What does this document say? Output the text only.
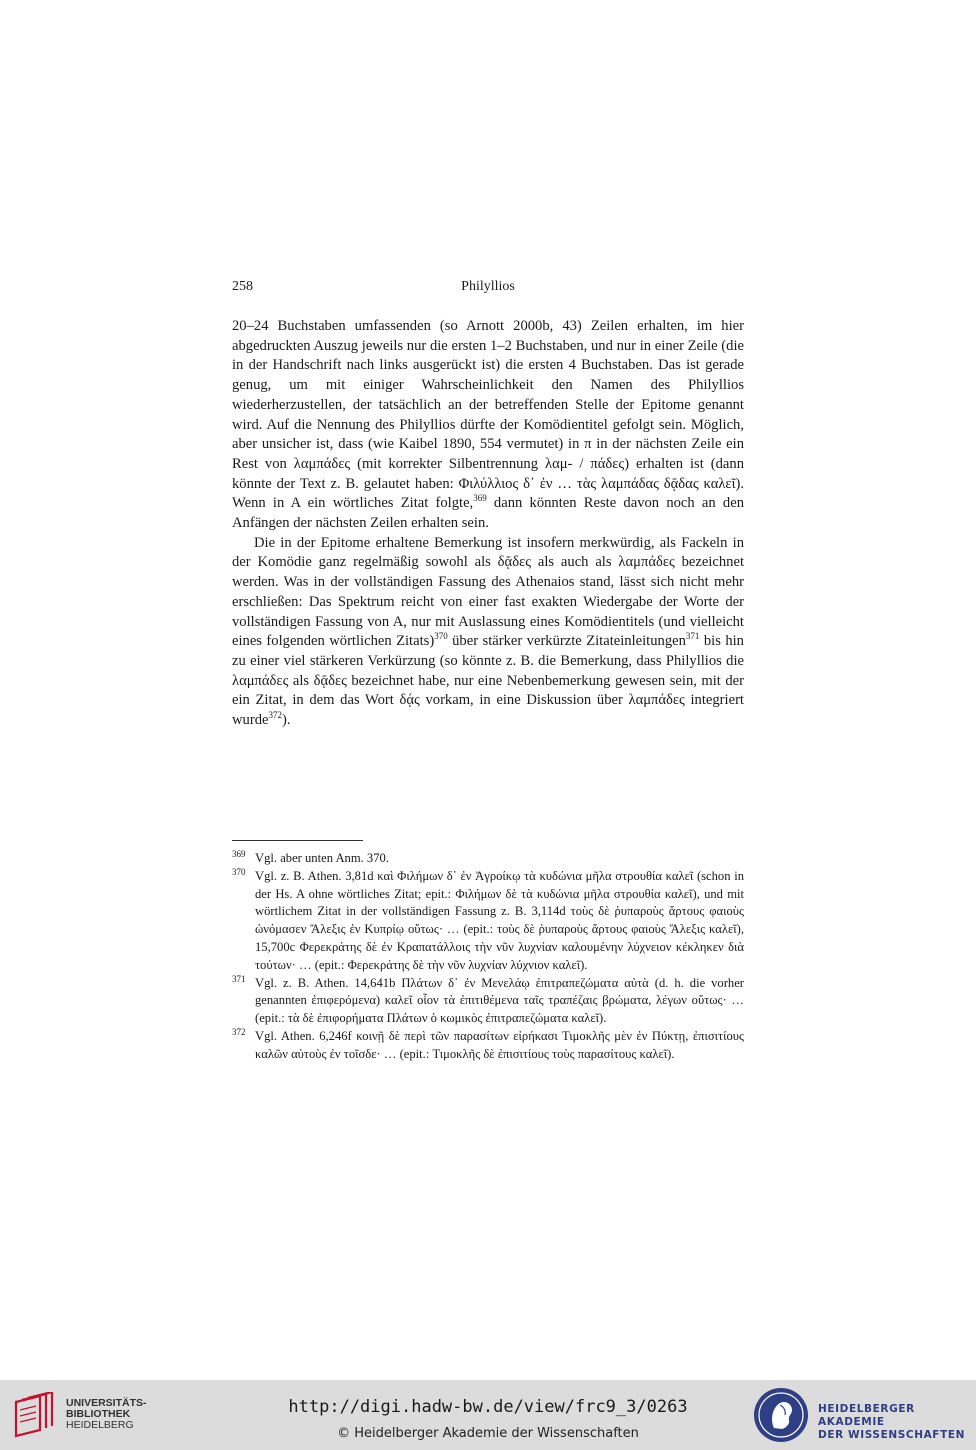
258	Philyllios

20–24 Buchstaben umfassenden (so Arnott 2000b, 43) Zeilen erhalten, im hier abgedruckten Auszug jeweils nur die ersten 1–2 Buchstaben, und nur in einer Zeile (die in der Handschrift nach links ausgerückt ist) die ersten 4 Buchstaben. Das ist gerade genug, um mit einiger Wahrscheinlichkeit den Namen des Philyllios wiederherzustellen, der tatsächlich an der betreffenden Stelle der Epitome genannt wird. Auf die Nennung des Philyllios dürfte der Komödientitel gefolgt sein. Möglich, aber unsicher ist, dass (wie Kaibel 1890, 554 vermutet) in π in der nächsten Zeile ein Rest von λαμπάδες (mit korrekter Silbentrennung λαμ- / πάδες) erhalten ist (dann könnte der Text z. B. gelautet haben: Φιλύλλιος δ᾽ ἐν … τὰς λαμπάδας δᾷδας καλεῖ). Wenn in A ein wörtliches Zitat folgte,$^{369}$ dann könnten Reste davon noch an den Anfängen der nächsten Zeilen erhalten sein.

Die in der Epitome erhaltene Bemerkung ist insofern merkwürdig, als Fackeln in der Komödie ganz regelmäßig sowohl als δᾷδες als auch als λαμπάδες bezeichnet werden. Was in der vollständigen Fassung des Athenaios stand, lässt sich nicht mehr erschließen: Das Spektrum reicht von einer fast exakten Wiedergabe der Worte der vollständigen Fassung von A, nur mit Auslassung eines Komödientitels (und vielleicht eines folgenden wörtlichen Zitats)$^{370}$ über stärker verkürzte Zitateinleitungen$^{371}$ bis hin zu einer viel stärkeren Verkürzung (so könnte z. B. die Bemerkung, dass Philyllios die λαμπάδες als δᾷδες bezeichnet habe, nur eine Nebenbemerkung gewesen sein, mit der ein Zitat, in dem das Wort δᾴς vorkam, in eine Diskussion über λαμπάδες integriert wurde$^{372}$).

369 Vgl. aber unten Anm. 370.
370 Vgl. z. B. Athen. 3,81d καὶ Φιλήμων δ᾽ ἐν Ἀγροίκῳ τὰ κυδώνια μῆλα στρουθία καλεῖ (schon in der Hs. A ohne wörtliches Zitat; epit.: Φιλήμων δὲ τὰ κυδώνια μῆλα στρουθία καλεῖ), und mit wörtlichem Zitat in der vollständigen Fassung z. B. 3,114d τοὺς δὲ ῥυπαροὺς ἄρτους φαιοὺς ὠνόμασεν Ἄλεξις ἐν Κυπρίῳ οὕτως· … (epit.: τοὺς δὲ ῥυπαροὺς ἄρτους φαιοὺς Ἄλεξις καλεῖ), 15,700c Φερεκράτης δὲ ἐν Κραπατάλλοις τὴν νῦν λυχνίαν καλουμένην λύχνειον κέκληκεν διὰ τούτων· … (epit.: Φερεκράτης δὲ τὴν νῦν λυχνίαν λύχνιον καλεῖ).
371 Vgl. z. B. Athen. 14,641b Πλάτων δ᾽ ἐν Μενελάῳ ἐπιτραπεζώματα αὐτὰ (d. h. die vorher genannten ἐπιφερόμενα) καλεῖ οἷον τὰ ἐπιτιθέμενα ταῖς τραπέζαις βρώματα, λέγων οὕτως· … (epit.: τὰ δὲ ἐπιφορήματα Πλάτων ὁ κωμικὸς ἐπιτραπεζώματα καλεῖ).
372 Vgl. Athen. 6,246f κοινῇ δὲ περὶ τῶν παρασίτων εἰρήκασι Τιμοκλῆς μὲν ἐν Πύκτῃ, ἐπισιτίους καλῶν αὐτοὺς ἐν τοῖσδε· … (epit.: Τιμοκλῆς δὲ ἐπισιτίους τοὺς παρασίτους καλεῖ).
UNIVERSITÄTS-
BIBLIOTHEK
HEIDELBERG
http://digi.hadw-bw.de/view/frc9_3/0263
© Heidelberger Akademie der Wissenschaften
HEIDELBERGER AKADEMIE
DER WISSENSCHAFTEN
